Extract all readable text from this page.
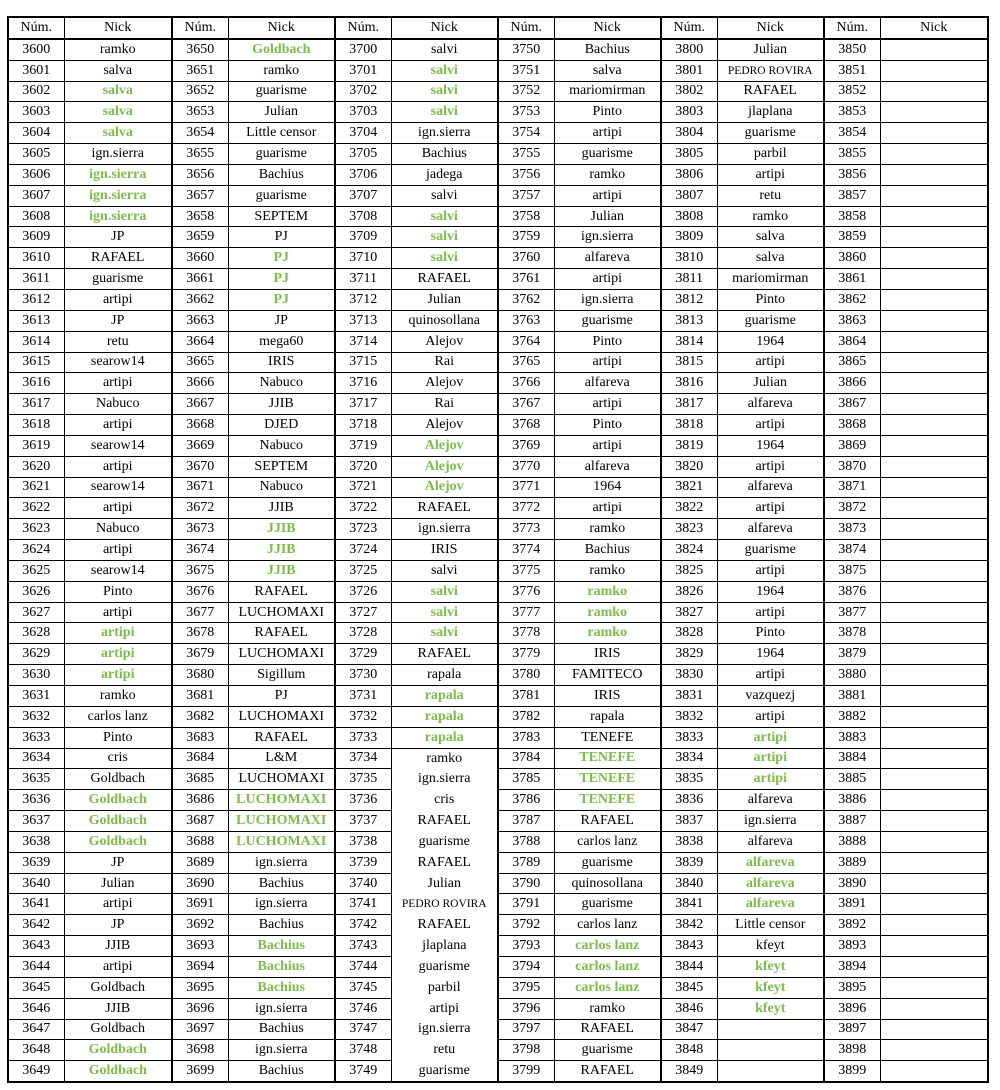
Núm.	Nick	Núm.	Nick	Núm.	Nick	Núm.	Nick	Núm.	Nick	Núm.	Nick
3600	ramko	3650	Goldbach	3700	salvi	3750	Bachius	3800	Julian	3850	
3601	salva	3651	ramko	3701	salvi	3751	salva	3801	PEDRO ROVIRA	3851	
3602	salva	3652	guarisme	3702	salvi	3752	mariomirman	3802	RAFAEL	3852	
3603	salva	3653	Julian	3703	salvi	3753	Pinto	3803	jlaplana	3853	
3604	salva	3654	Little censor	3704	ign.sierra	3754	artipi	3804	guarisme	3854	
3605	ign.sierra	3655	guarisme	3705	Bachius	3755	guarisme	3805	parbil	3855	
3606	ign.sierra	3656	Bachius	3706	jadega	3756	ramko	3806	artipi	3856	
3607	ign.sierra	3657	guarisme	3707	salvi	3757	artipi	3807	retu	3857	
3608	ign.sierra	3658	SEPTEM	3708	salvi	3758	Julian	3808	ramko	3858	
3609	JP	3659	PJ	3709	salvi	3759	ign.sierra	3809	salva	3859	
3610	RAFAEL	3660	PJ	3710	salvi	3760	alfareva	3810	salva	3860	
3611	guarisme	3661	PJ	3711	RAFAEL	3761	artipi	3811	mariomirman	3861	
3612	artipi	3662	PJ	3712	Julian	3762	ign.sierra	3812	Pinto	3862	
3613	JP	3663	JP	3713	quinosollana	3763	guarisme	3813	guarisme	3863	
3614	retu	3664	mega60	3714	Alejov	3764	Pinto	3814	1964	3864	
3615	searow14	3665	IRIS	3715	Rai	3765	artipi	3815	artipi	3865	
3616	artipi	3666	Nabuco	3716	Alejov	3766	alfareva	3816	Julian	3866	
3617	Nabuco	3667	JJIB	3717	Rai	3767	artipi	3817	alfareva	3867	
3618	artipi	3668	DJED	3718	Alejov	3768	Pinto	3818	artipi	3868	
3619	searow14	3669	Nabuco	3719	Alejov	3769	artipi	3819	1964	3869	
3620	artipi	3670	SEPTEM	3720	Alejov	3770	alfareva	3820	artipi	3870	
3621	searow14	3671	Nabuco	3721	Alejov	3771	1964	3821	alfareva	3871	
3622	artipi	3672	JJIB	3722	RAFAEL	3772	artipi	3822	artipi	3872	
3623	Nabuco	3673	JJIB	3723	ign.sierra	3773	ramko	3823	alfareva	3873	
3624	artipi	3674	JJIB	3724	IRIS	3774	Bachius	3824	guarisme	3874	
3625	searow14	3675	JJIB	3725	salvi	3775	ramko	3825	artipi	3875	
3626	Pinto	3676	RAFAEL	3726	salvi	3776	ramko	3826	1964	3876	
3627	artipi	3677	LUCHOMAXI	3727	salvi	3777	ramko	3827	artipi	3877	
3628	artipi	3678	RAFAEL	3728	salvi	3778	ramko	3828	Pinto	3878	
3629	artipi	3679	LUCHOMAXI	3729	RAFAEL	3779	IRIS	3829	1964	3879	
3630	artipi	3680	Sigillum	3730	rapala	3780	FAMITECO	3830	artipi	3880	
3631	ramko	3681	PJ	3731	rapala	3781	IRIS	3831	vazquezj	3881	
3632	carlos lanz	3682	LUCHOMAXI	3732	rapala	3782	rapala	3832	artipi	3882	
3633	Pinto	3683	RAFAEL	3733	rapala	3783	TENEFE	3833	artipi	3883	
3634	cris	3684	L&M	3734	ramko	3784	TENEFE	3834	artipi	3884	
3635	Goldbach	3685	LUCHOMAXI	3735	ign.sierra	3785	TENEFE	3835	artipi	3885	
3636	Goldbach	3686	LUCHOMAXI	3736	cris	3786	TENEFE	3836	alfareva	3886	
3637	Goldbach	3687	LUCHOMAXI	3737	RAFAEL	3787	RAFAEL	3837	ign.sierra	3887	
3638	Goldbach	3688	LUCHOMAXI	3738	guarisme	3788	carlos lanz	3838	alfareva	3888	
3639	JP	3689	ign.sierra	3739	RAFAEL	3789	guarisme	3839	alfareva	3889	
3640	Julian	3690	Bachius	3740	Julian	3790	quinosollana	3840	alfareva	3890	
3641	artipi	3691	ign.sierra	3741	PEDRO ROVIRA	3791	guarisme	3841	alfareva	3891	
3642	JP	3692	Bachius	3742	RAFAEL	3792	carlos lanz	3842	Little censor	3892	
3643	JJIB	3693	Bachius	3743	jlaplana	3793	carlos lanz	3843	kfeyt	3893	
3644	artipi	3694	Bachius	3744	guarisme	3794	carlos lanz	3844	kfeyt	3894	
3645	Goldbach	3695	Bachius	3745	parbil	3795	carlos lanz	3845	kfeyt	3895	
3646	JJIB	3696	ign.sierra	3746	artipi	3796	ramko	3846	kfeyt	3896	
3647	Goldbach	3697	Bachius	3747	ign.sierra	3797	RAFAEL	3847		3897	
3648	Goldbach	3698	ign.sierra	3748	retu	3798	guarisme	3848		3898	
3649	Goldbach	3699	Bachius	3749	guarisme	3799	RAFAEL	3849		3899	
